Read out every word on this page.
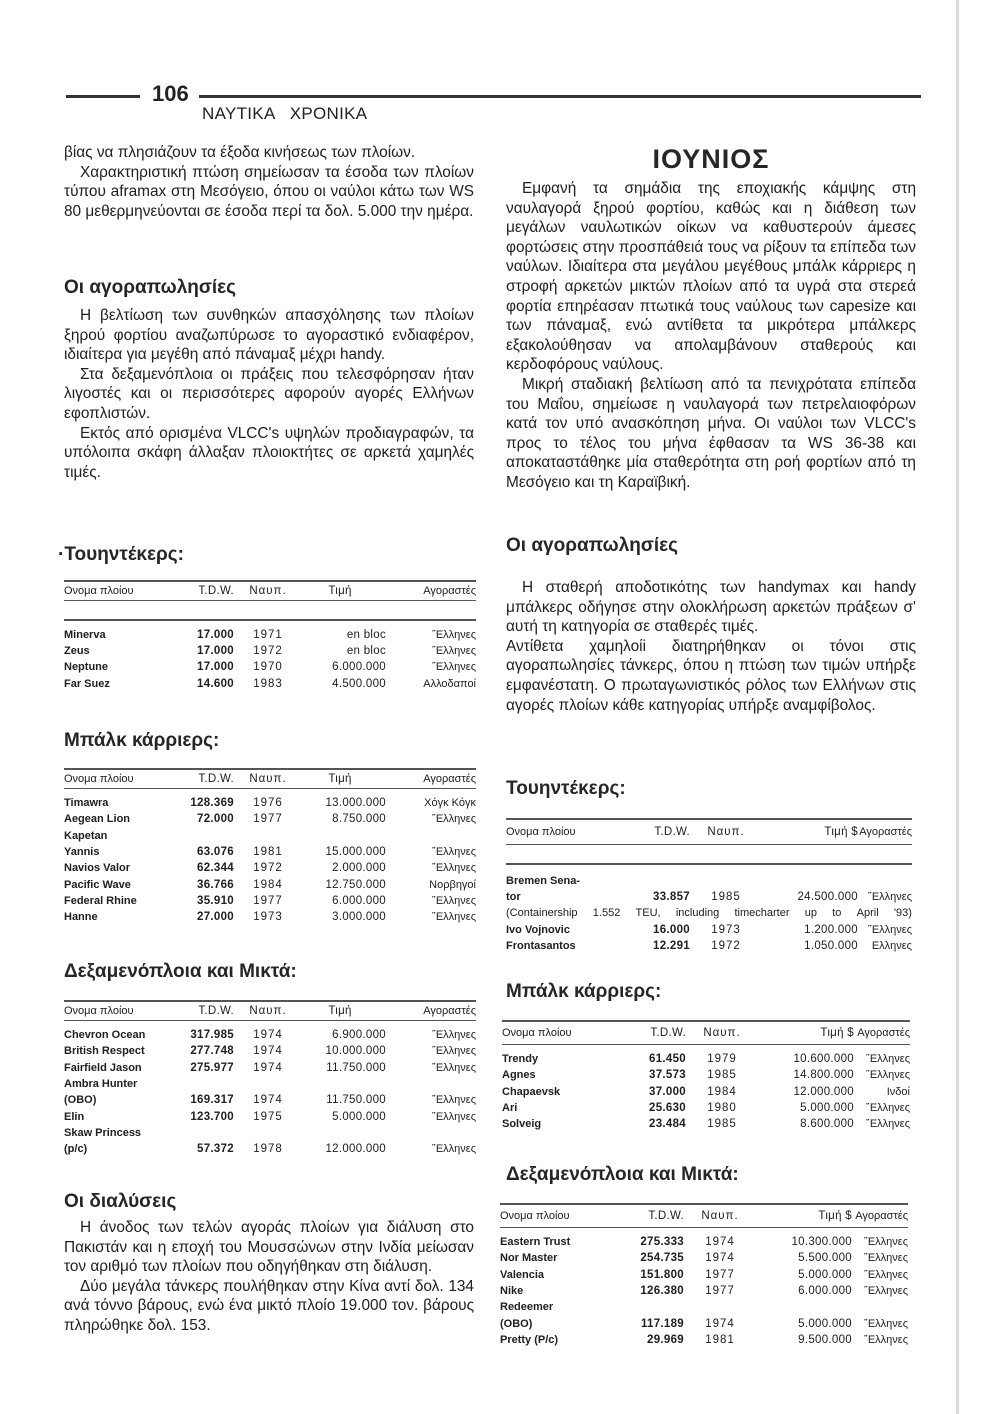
106
ΝΑΥΤΙΚΑ   ΧΡΟΝΙΚΑ

βίας να πλησιάζουν τα έξοδα κινήσεως των πλοίων.

Χαρακτηριστική πτώση σημείωσαν τα έσοδα των πλοίων τύπου aframax στη Μεσόγειο, όπου οι ναύλοι κάτω των WS 80 μεθερμηνεύονται σε έσοδα περί τα δολ. 5.000 την ημέρα.

Οι αγοραπωλησίες

Η βελτίωση των συνθηκών απασχόλησης των πλοίων ξηρού φορτίου αναζωπύρωσε το αγοραστικό ενδιαφέρον, ιδιαίτερα για μεγέθη από πάναμαξ μέχρι handy.

Στα δεξαμενόπλοια οι πράξεις που τελεσφόρησαν ήταν λιγοστές και οι περισσότερες αφορούν αγορές Ελλήνων εφοπλιστών.

Εκτός από ορισμένα VLCC's υψηλών προδιαγραφών, τα υπόλοιπα σκάφη άλλαξαν πλοιοκτήτες σε αρκετά χαμηλές τιμές.

·Τουηντέκερς:
Ονομα πλοίου	T.D.W.	Ναυπ.	Τιμή	Αγοραστές
Minerva	17.000	1971	en bloc	῞Ελληνες
Zeus	17.000	1972	en bloc	῞Ελληνες
Neptune	17.000	1970	6.000.000	῞Ελληνες
Far Suez	14.600	1983	4.500.000	Αλλοδαποί
Μπάλκ κάρριερς:
Ονομα πλοίου	T.D.W.	Ναυπ.	Τιμή	Αγοραστές
Timawra	128.369	1976	13.000.000	Χόγκ Κόγκ
Aegean Lion	72.000	1977	8.750.000	῞Ελληνες
Kapetan
Yannis	63.076	1981	15.000.000	῞Ελληνες
Navios Valor	62.344	1972	2.000.000	῞Ελληνες
Pacific Wave	36.766	1984	12.750.000	Νορβηγοί
Federal Rhine	35.910	1977	6.000.000	῞Ελληνες
Hanne	27.000	1973	3.000.000	῞Ελληνες
Δεξαμενόπλοια και Μικτά:
Ονομα πλοίου	T.D.W.	Ναυπ.	Τιμή	Αγοραστές
Chevron Ocean	317.985	1974	6.900.000	῞Ελληνες
British Respect	277.748	1974	10.000.000	῞Ελληνες
Fairfield Jason	275.977	1974	11.750.000	῞Ελληνες
Ambra Hunter
(OBO)	169.317	1974	11.750.000	῞Ελληνες
Elin	123.700	1975	5.000.000	῞Ελληνες
Skaw Princess
(p/c)	57.372	1978	12.000.000	῞Ελληνες
Οι διαλύσεις

Η άνοδος των τελών αγοράς πλοίων για διάλυση στο Πακιστάν και η εποχή του Μουσσώνων στην Ινδία μείωσαν τον αριθμό των πλοίων που οδηγήθηκαν στη διάλυση.

Δύο μεγάλα τάνκερς πουλήθηκαν στην Κίνα αντί δολ. 134 ανά τόννο βάρους, ενώ ένα μικτό πλοίο 19.000 τον. βάρους πληρώθηκε δολ. 153.

ΙΟΥΝΙΟΣ

Εμφανή τα σημάδια της εποχιακής κάμψης στη ναυλαγορά ξηρού φορτίου, καθώς και η διάθεση των μεγάλων ναυλωτικών οίκων να καθυστερούν άμεσες φορτώσεις στην προσπάθειά τους να ρίξουν τα επίπεδα των ναύλων. Ιδιαίτερα στα μεγάλου μεγέθους μπάλκ κάρριερς η στροφή αρκετών μικτών πλοίων από τα υγρά στα στερεά φορτία επηρέασαν πτωτικά τους ναύλους των capesize και των πάναμαξ, ενώ αντίθετα τα μικρότερα μπάλκερς εξακολούθησαν να απολαμβάνουν σταθερούς και κερδοφόρους ναύλους.

Μικρή σταδιακή βελτίωση από τα πενιχρότατα επίπεδα του Μαΐου, σημείωσε η ναυλαγορά των πετρελαιοφόρων κατά τον υπό ανασκόπηση μήνα. Οι ναύλοι των VLCC's προς το τέλος του μήνα έφθασαν τα WS 36-38 και αποκαταστάθηκε μία σταθερότητα στη ροή φορτίων από τη Μεσόγειο και τη Καραϊβική.

Οι αγοραπωλησίες

Η σταθερή αποδοτικότης των handymax και handy μπάλκερς οδήγησε στην ολοκλήρωση αρκετών πράξεων σ' αυτή τη κατηγορία σε σταθερές τιμές.

Αντίθετα χαμηλοίi διατηρήθηκαν οι τόνοι στις αγοραπωλησίες τάνκερς, όπου η πτώση των τιμών υπήρξε εμφανέστατη. Ο πρωταγωνιστικός ρόλος των Ελλήνων στις αγορές πλοίων κάθε κατηγορίας υπήρξε αναμφίβολος.

Τουηντέκερς:
Ονομα πλοίου	T.D.W.	Ναυπ.	Τιμή $ Αγοραστές
Bremen Sena-
tor	33.857	1985	24.500.000 ῞Ελληνες
(Containership 1.552 TEU, including timecharter up to April '93)
Ivo Vojnovic	16.000	1973	1.200.000 ῞Ελληνες
Frontasantos	12.291	1972	1.050.000	Ελληνες
Μπάλκ κάρριερς:
Ονομα πλοίου	T.D.W.	Ναυπ.	Τιμή $ Αγοραστές
Trendy	61.450	1979	10.600.000	῞Ελληνες
Agnes	37.573	1985	14.800.000	῞Ελληνες
Chapaevsk	37.000	1984	12.000.000	Ινδοί
Ari	25.630	1980	5.000.000	῞Ελληνες
Solveig	23.484	1985	8.600.000	῞Ελληνες
Δεξαμενόπλοια και Μικτά:
Ονομα πλοίου	T.D.W.	Ναυπ.	Τιμή $ Αγοραστές
Eastern Trust	275.333	1974	10.300.000	῞Ελληνες
Nor Master	254.735	1974	5.500.000	῞Ελληνες
Valencia	151.800	1977	5.000.000	῞Ελληνες
Nike	126.380	1977	6.000.000	῞Ελληνες
Redeemer
(OBO)	117.189	1974	5.000.000	῞Ελληνες
Pretty (P/c)	29.969	1981	9.500.000	῞Ελληνες
